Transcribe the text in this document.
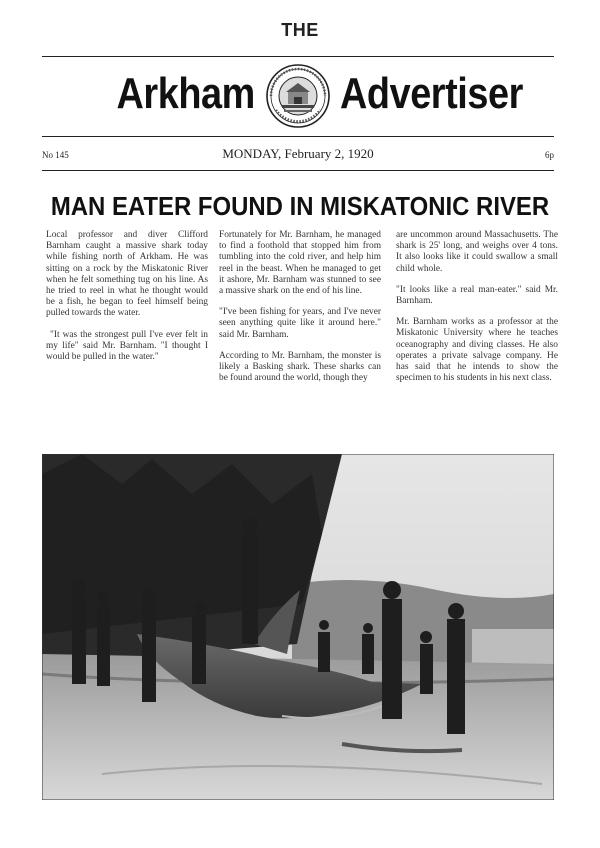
THE
Arkham Advertiser
No 145	MONDAY, February 2, 1920	6p
MAN EATER FOUND IN MISKATONIC RIVER

Local professor and diver Clifford Barnham caught a massive shark today while fishing north of Arkham. He was sitting on a rock by the Miskatonic River when he felt something tug on his line. As he tried to reel in what he thought would be a fish, he began to feel himself being pulled towards the water.

"It was the strongest pull I've ever felt in my life" said Mr. Barnham. "I thought I would be pulled in the water."

Fortunately for Mr. Barnham, he managed to find a foothold that stopped him from tumbling into the cold river, and help him reel in the beast. When he managed to get it ashore, Mr. Barnham was stunned to see a massive shark on the end of his line.

"I've been fishing for years, and I've never seen anything quite like it around here." said Mr. Barnham.

According to Mr. Barnham, the monster is likely a Basking shark. These sharks can be found around the world, though they

are uncommon around Massachusetts. The shark is 25' long, and weighs over 4 tons. It also looks like it could swallow a small child whole.

"It looks like a real man-eater." said Mr. Barnham.

Mr. Barnham works as a professor at the Miskatonic University where he teaches oceanography and diving classes. He also operates a private salvage company. He has said that he intends to show the specimen to his students in his next class.
